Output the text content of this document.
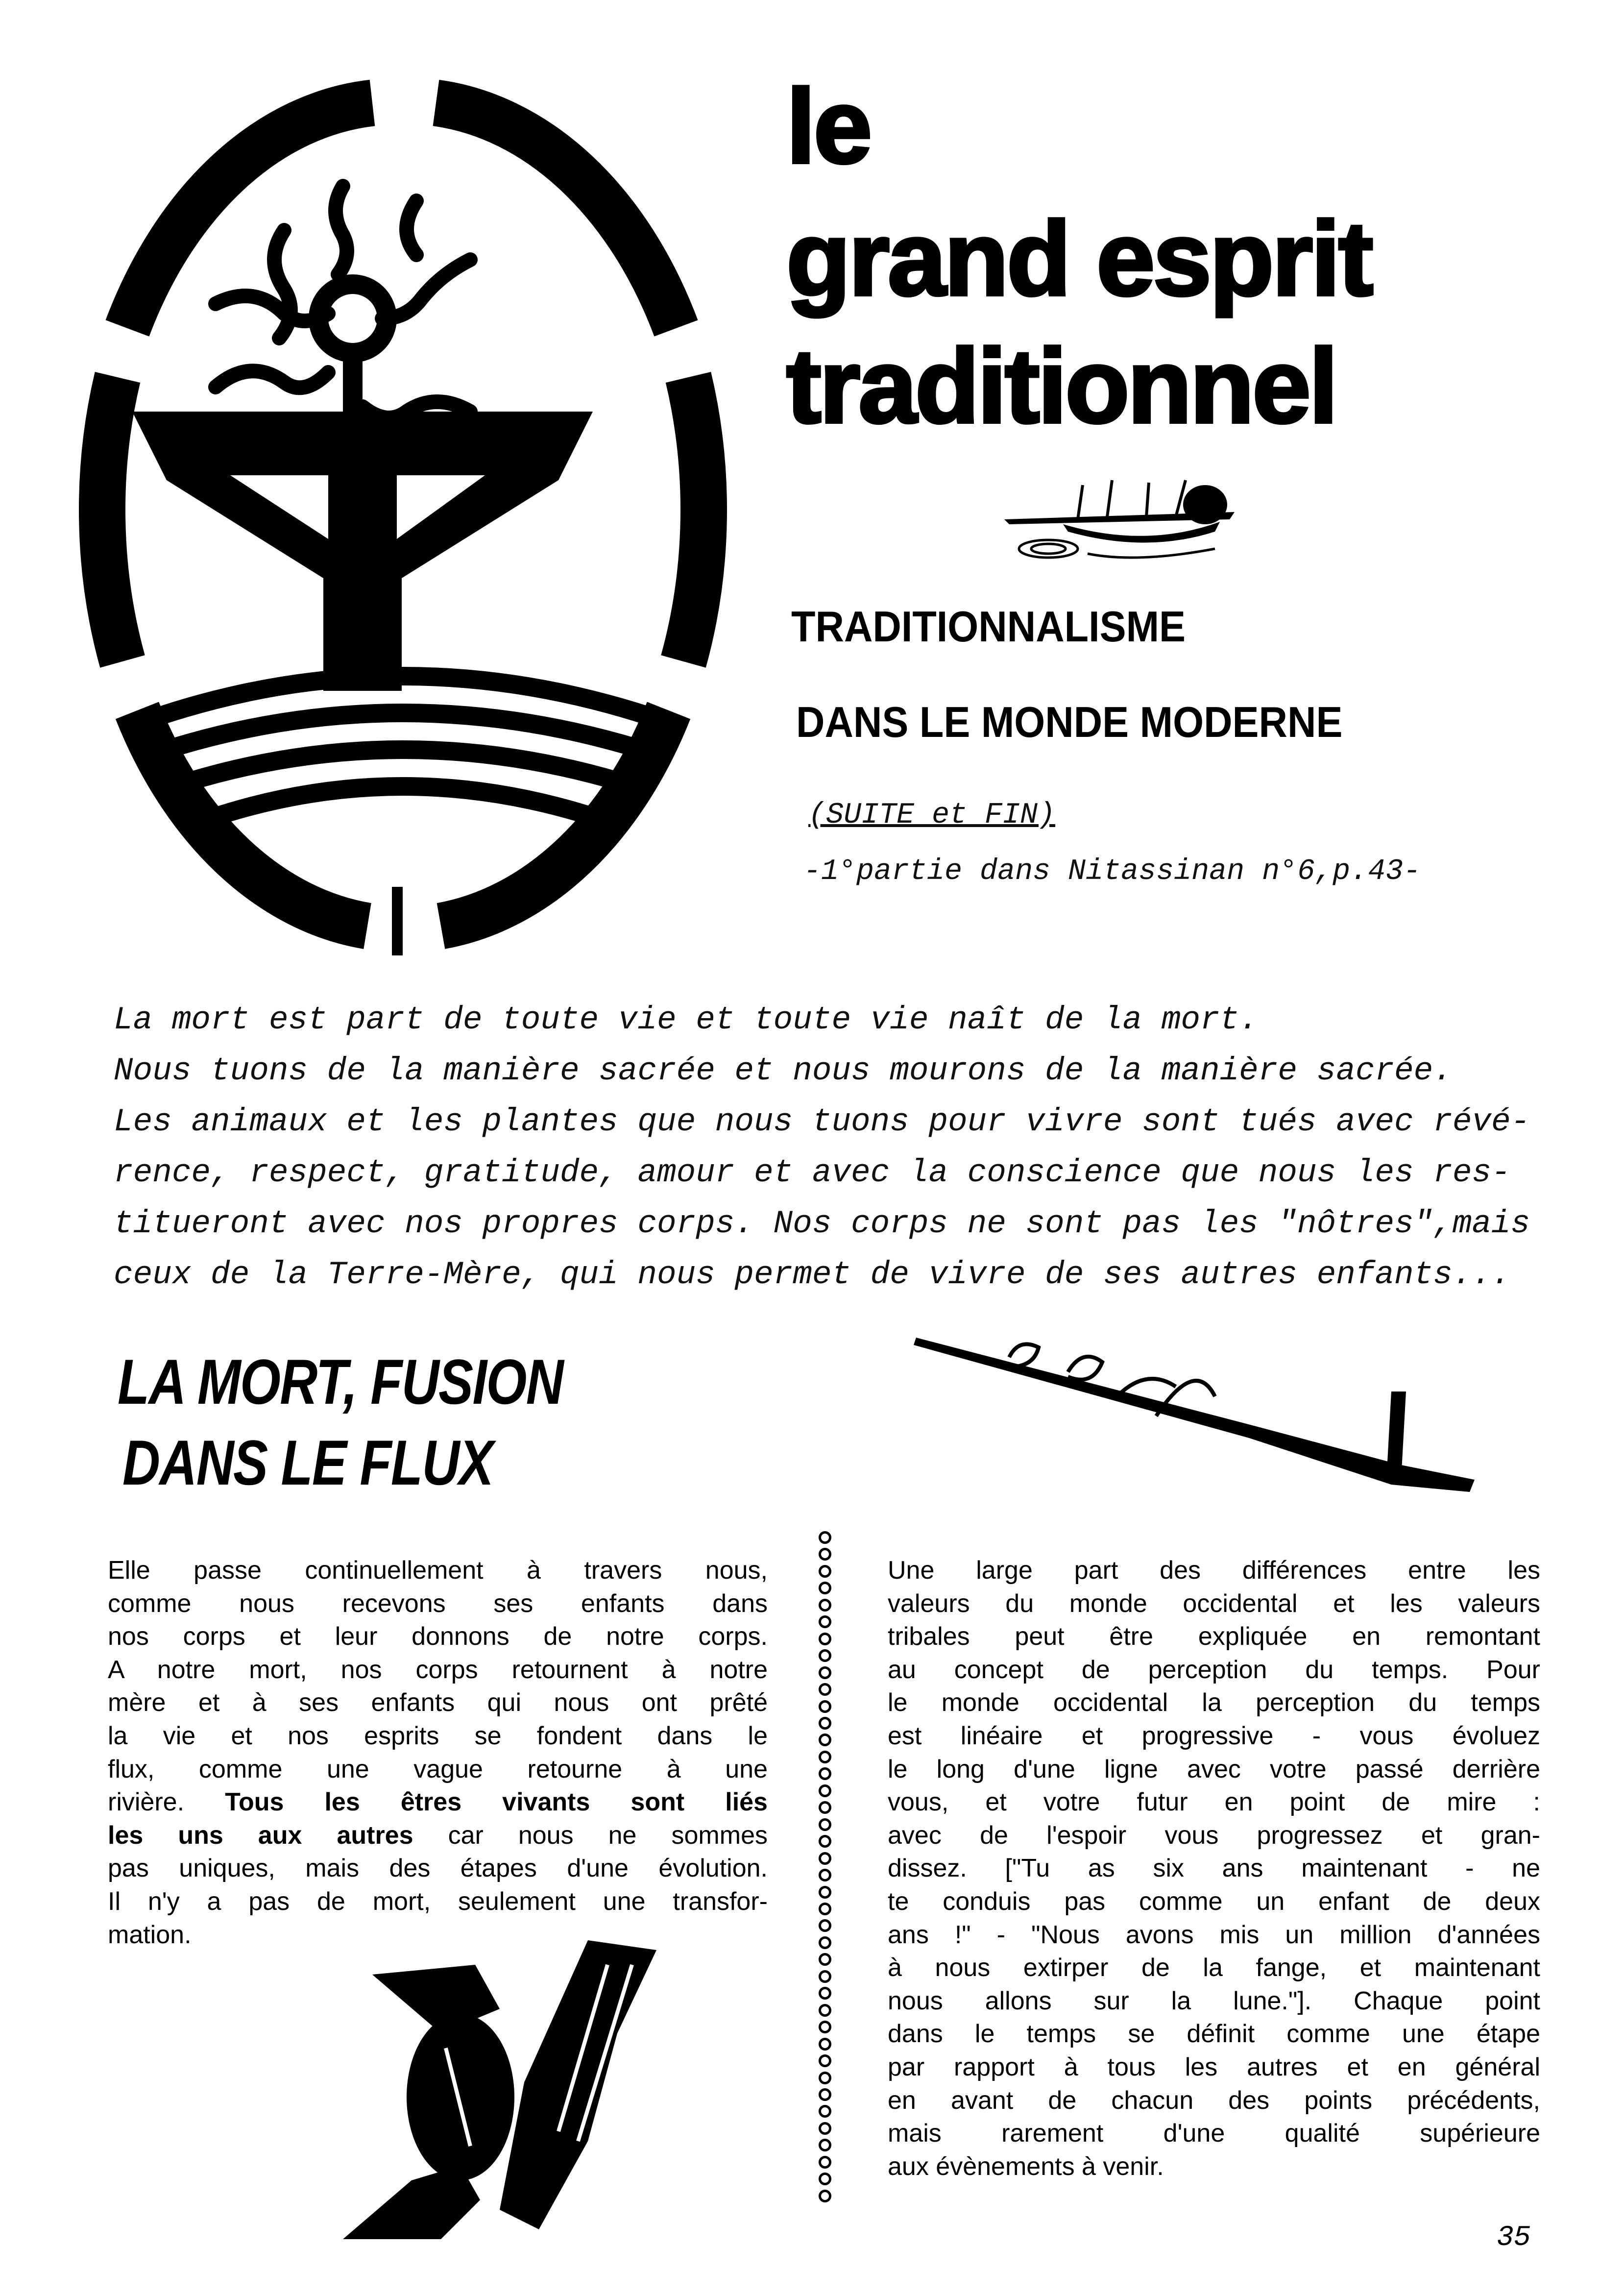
le
grand esprit
traditionnel
TRADITIONNALISME
DANS LE MONDE MODERNE
(SUITE et FIN)
-1°partie dans Nitassinan n°6,p.43-
La mort est part de toute vie et toute vie naît de la mort.
Nous tuons de la manière sacrée et nous mourons de la manière sacrée.
Les animaux et les plantes que nous tuons pour vivre sont tués avec révé-
rence, respect, gratitude, amour et avec la conscience que nous les res-
titueront avec nos propres corps. Nos corps ne sont pas les "nôtres",mais
ceux de la Terre-Mère, qui nous permet de vivre de ses autres enfants...
LA MORT, FUSION
DANS LE FLUX
Elle passe continuellement à travers nous,
comme nous recevons ses enfants dans
nos corps et leur donnons de notre corps.
A notre mort, nos corps retournent à notre
mère et à ses enfants qui nous ont prêté
la vie et nos esprits se fondent dans le
flux, comme une vague retourne à une
rivière. Tous les êtres vivants sont liés
les uns aux autres car nous ne sommes
pas uniques, mais des étapes d'une évolution.
Il n'y a pas de mort, seulement une transfor-
mation.
Une large part des différences entre les
valeurs du monde occidental et les valeurs
tribales peut être expliquée en remontant
au concept de perception du temps. Pour
le monde occidental la perception du temps
est linéaire et progressive - vous évoluez
le long d'une ligne avec votre passé derrière
vous, et votre futur en point de mire :
avec de l'espoir vous progressez et gran-
dissez. ["Tu as six ans maintenant - ne
te conduis pas comme un enfant de deux
ans !" - "Nous avons mis un million d'années
à nous extirper de la fange, et maintenant
nous allons sur la lune."]. Chaque point
dans le temps se définit comme une étape
par rapport à tous les autres et en général
en avant de chacun des points précédents,
mais rarement d'une qualité supérieure
aux évènements à venir.
35
